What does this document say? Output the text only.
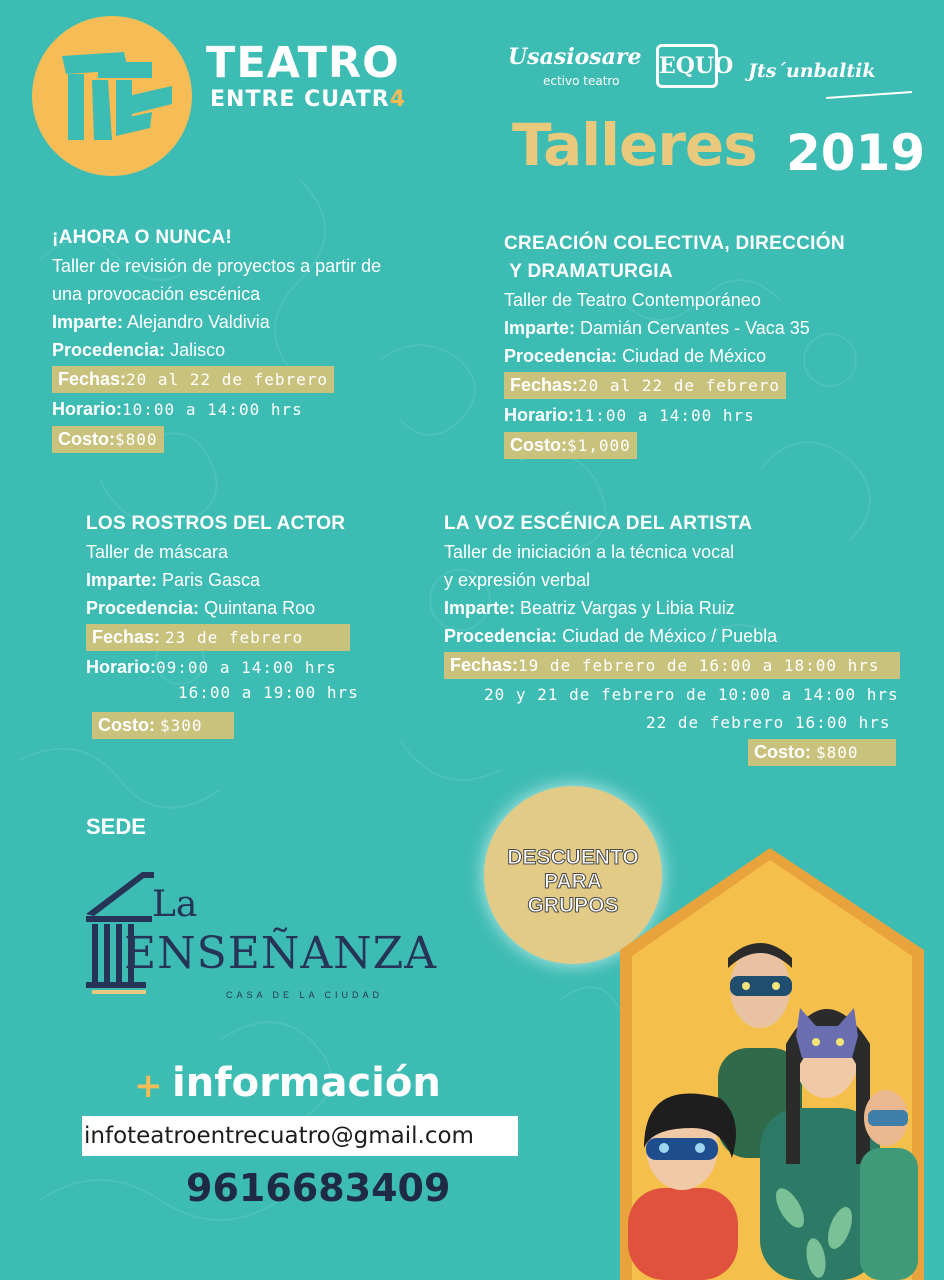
TEATRO
ENTRE CUATR4
Usasiosare
ectivo teatro
EQUO Jts´unbaltik
Talleres 2019
¡AHORA O NUNCA!
Taller de revisión de proyectos a partir de
una provocación escénica
Imparte: Alejandro Valdivia
Procedencia: Jalisco
Fechas:20 al 22 de febrero
Horario:10:00 a 14:00 hrs
Costo:$800
CREACIÓN COLECTIVA, DIRECCIÓN
Y DRAMATURGIA
Taller de Teatro Contemporáneo
Imparte: Damián Cervantes - Vaca 35
Procedencia: Ciudad de México
Fechas:20 al 22 de febrero
Horario:11:00 a 14:00 hrs
Costo:$1,000
LOS ROSTROS DEL ACTOR
Taller de máscara
Imparte: Paris Gasca
Procedencia: Quintana Roo
Fechas: 23 de febrero
Horario:09:00 a 14:00 hrs
16:00 a 19:00 hrs
Costo: $300
LA VOZ ESCÉNICA DEL ARTISTA
Taller de iniciación a la técnica vocal
y expresión verbal
Imparte: Beatriz Vargas y Libia Ruiz
Procedencia: Ciudad de México / Puebla
Fechas:19 de febrero de 16:00 a 18:00 hrs
20 y 21 de febrero de 10:00 a 14:00 hrs
22 de febrero 16:00 hrs
Costo: $800
SEDE
La
ENSEÑANZA
CASA DE LA CIUDAD
DESCUENTO
PARA
GRUPOS
+ información
infoteatroentrecuatro@gmail.com
9616683409
